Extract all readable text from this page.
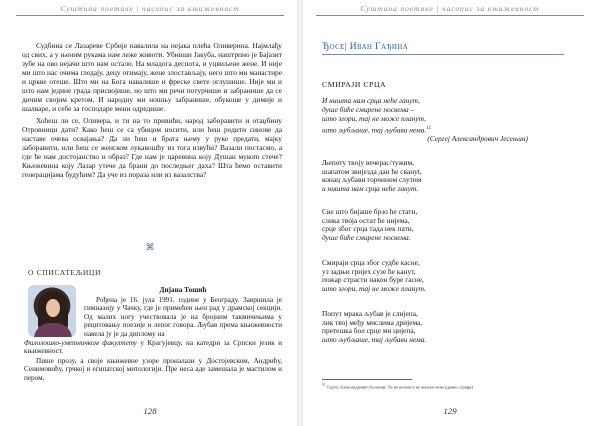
Суштина поетике | часопис за књижевност

Судбина се Лазареве Србије навалила на нејака плећа Оливерина. Најмлађу од свих, а у њеним рукама нам леже животи. Убивши Јакуба, наштрпио је Бајазит зубе на ово нејачи што нам остало. На младога деспота, и уцвиљене жене. И није ми што нас очима гледају, децу отимају, жене злостављају, него што ми манастире и цркве отеше. Што ми на Бога навалише и фреске свете оглушише. Није ми и што нам једине града присвојише, но што ми речи потурчише и забранише да се дичим својим кретом. И народну ми ношњу забранише, обукоше у димије и шалваре, и себе за господаре мени одредише.

Хоћеш ли се, Оливера, и ти на то привићи, народ заборавити и отаџбину Отровници дати? Како ћеш се са убицом носити, или ћеш родити синове да наставе очева осваjaња? Да ли ћеш и брата њему у руке предати, мајку заборавити, или ћеш се женском лукавошћу из тога извући? Вазали постасмо, а где ће нам достојанство и образ? Где нам је царевина коју Душан мукоm стече? Књежевина коју Лазар утече да брани до последњег даха? Шта ћемо оставити генерацијама будућим? Да уче из пораза или из вазалства?

⌘
О СПИСАТЕЉИЦИ
Дијана Тошић

Рођена је 16. јула 1991. године у Београду. Завршила је гимназију у Чачку, где је примећен њен рад у драмској секцији. Од малих ногу учествовала је на бројним такмичењима у рецитовању поезије и лепог говора. Љубав према књижевности навела ју је да диплому на

Филолошко-уметничком факултету у Крагујевцу, на катедри за Српски језик и књижевност.

Пише прозу, а своје књижевне узоре проналази у Достојевском, Андрићу, Сенимовићу, грчкој и египатској митологији. Пре неса аде замешала је мастилом и пером.

128
Суштина поетике | часопис за књижевност
Ђосе| Иван Гађина
СМИРАЈИ СРЦА
И ништа нам срца неће ганут,
душе биће смирене посвема –
што згори, тај не може планут,
што љубљаше, тај љубави нема.$^{11}$
(Сергеј Александрович Јесењин)
Љепоту твоју вечерас/тужим,
шапатом звијезда дан ће свануt,
конац љубави горчином слутим
и ништа нам срца неће ганут.
Све што бијаше брзо ће стати,
слика твоја остат ће нијема,
срце због срца тада нек пати,
душе биће смирене посвема.
Смираји срца због судбе касне,
уз задњи гријех сузе ће канут,
пожар страсти након буре гасне,
што згори, тај не може планут.
Попут мрака љубав је слијепа,
лик твој међу мислима дријема,
претешка бол срце ми цијепа,
што љубљаше, тај љубави нема.
$^{11}$ Сергеј Александрович Јесењин: Ти не волиш и не жалиш мене (давно страфа)
129
